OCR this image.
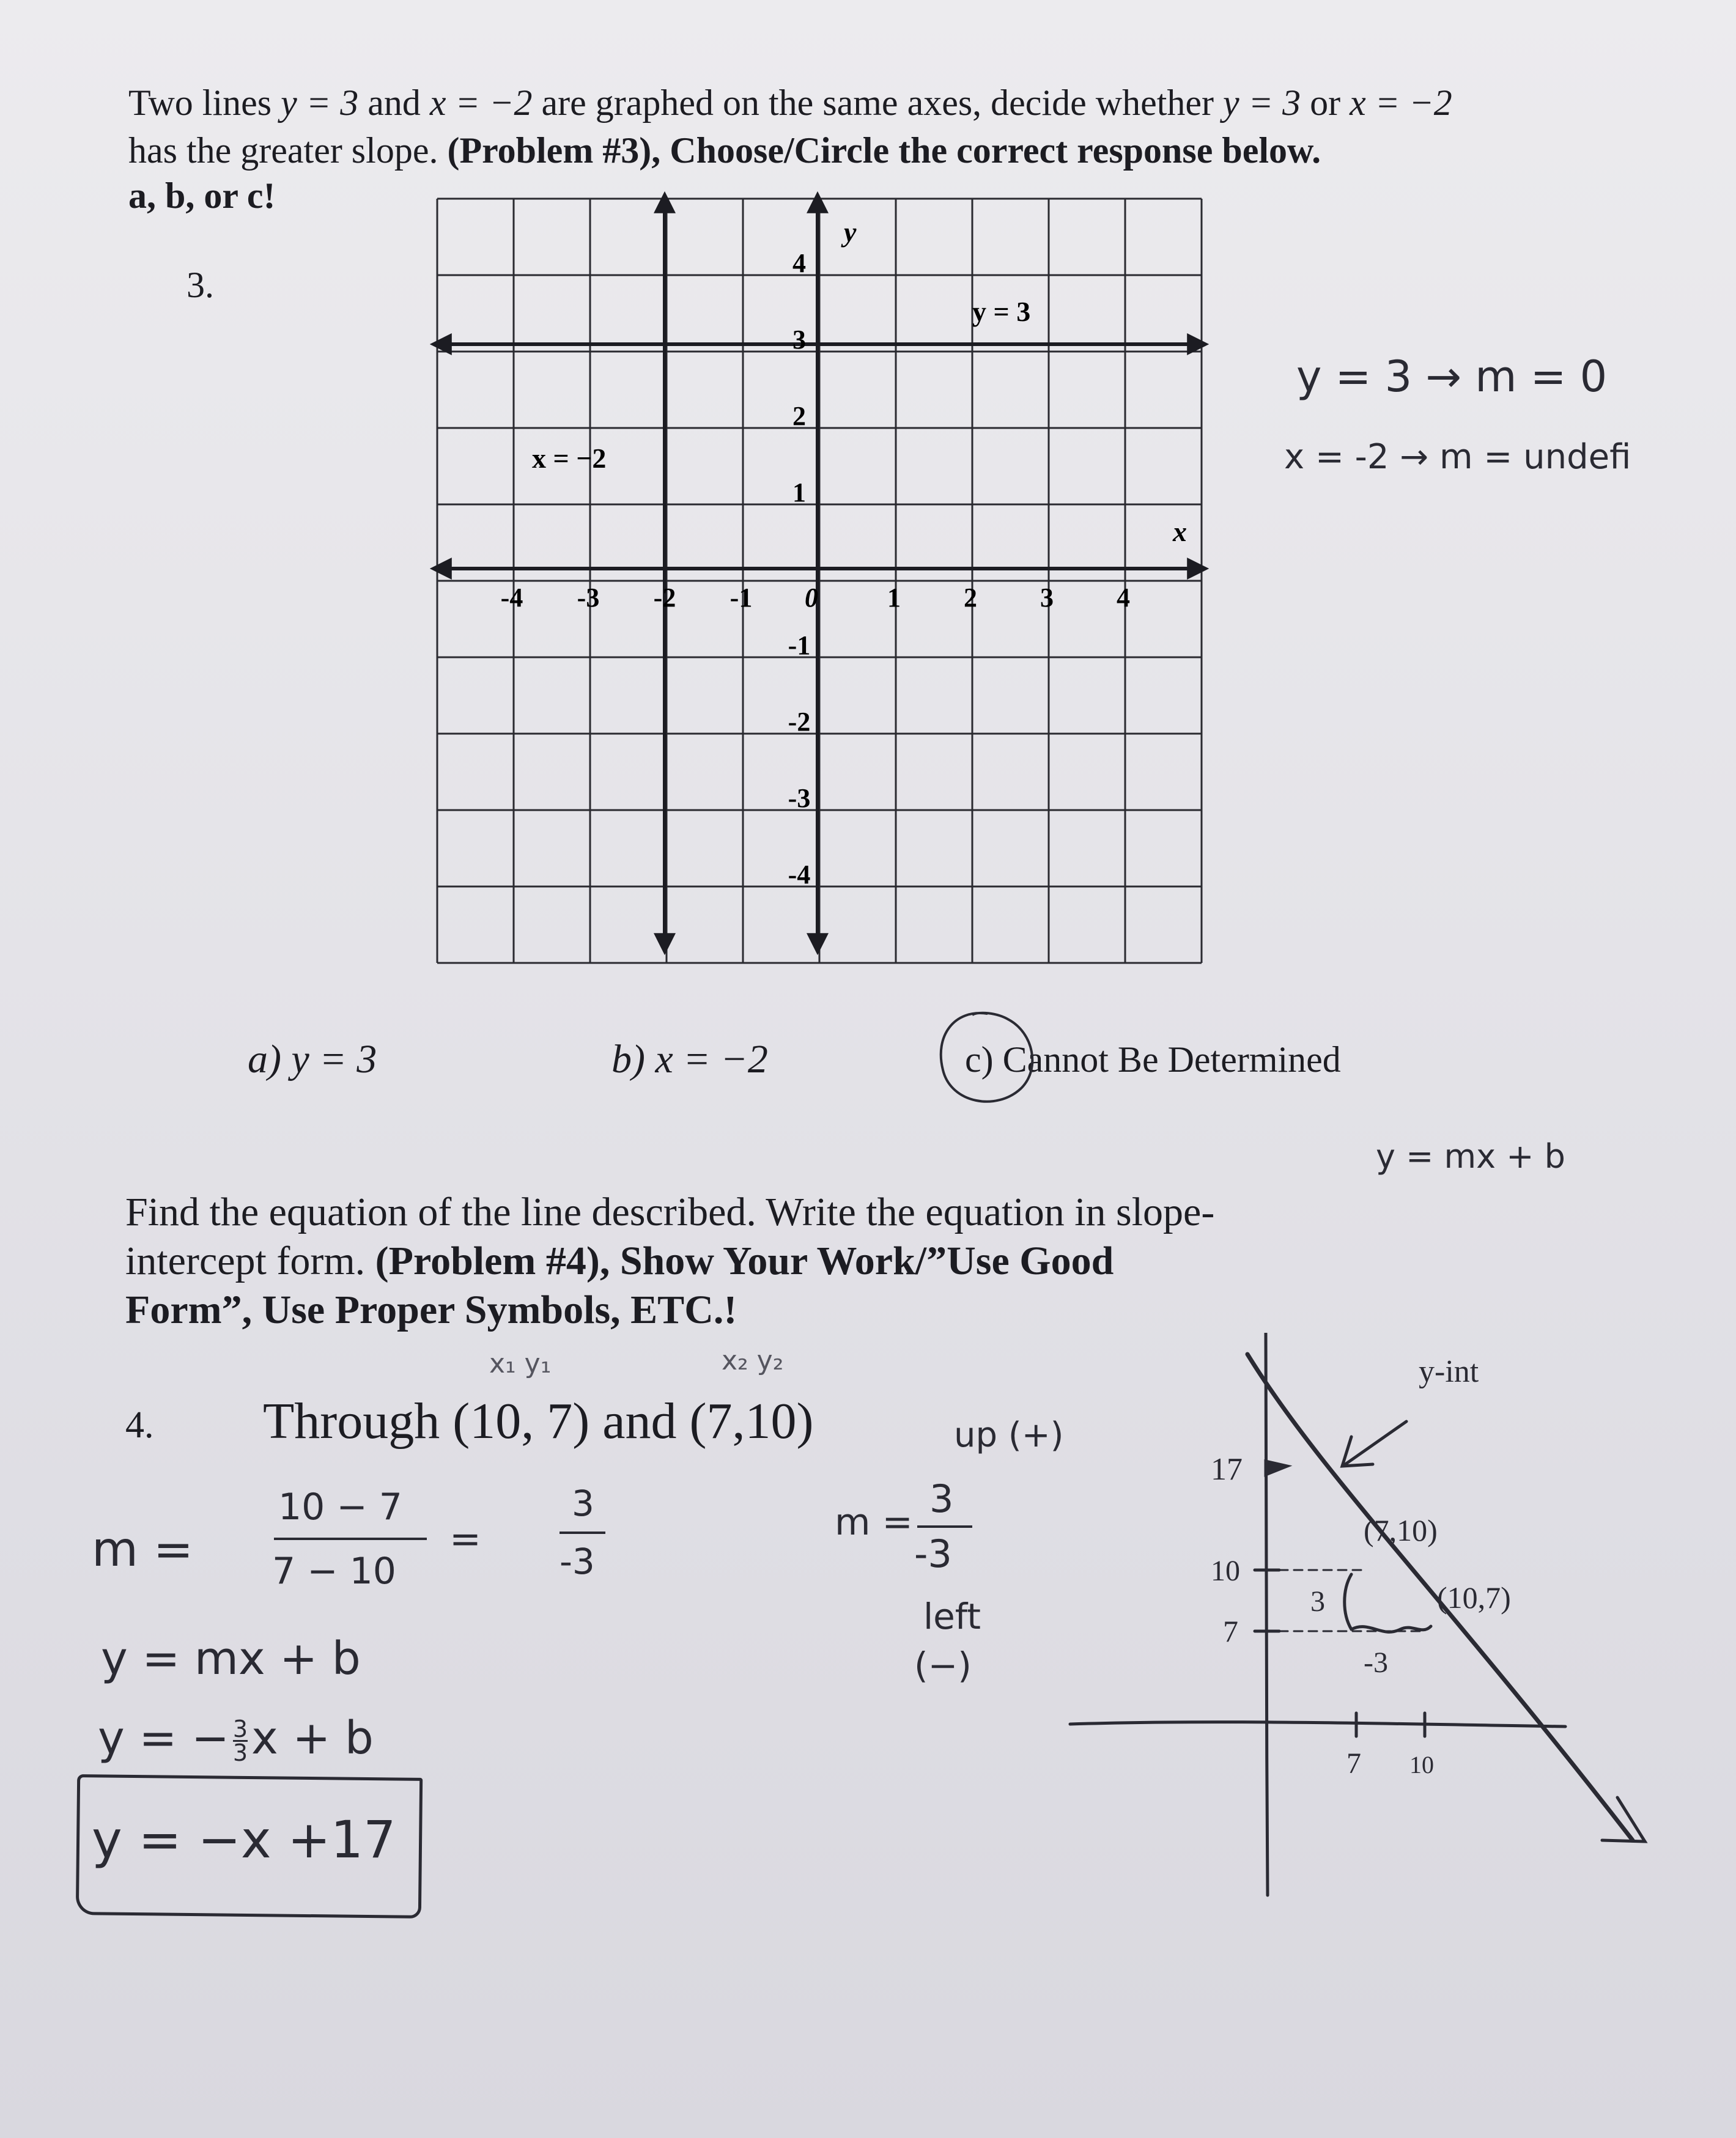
Two lines y = 3 and x = −2 are graphed on the same axes, decide whether y = 3 or x = −2
has the greater slope. (Problem #3), Choose/Circle the correct response below.
a, b, or c!
3.
-4 -3 -2 -1 0	1 2 3 4
4
3
2
1
-1
-2
-3
-4
y
x
y = 3
x = −2
a) y = 3	b) x = −2	c) Cannot Be Determined
y = 3 → m = 0
x = -2 → m = undefi
y = mx + b
Find the equation of the line described. Write the equation in slope-
intercept form. (Problem #4), Show Your Work/”Use Good
Form”, Use Proper Symbols, ETC.!
4.
x₁ y₁	x₂ y₂
Through (10, 7) and (7,10)
m =
10 − 7
7 − 10
=
3
-3
y = mx + b
y = − $\frac{3}{3}$ x + b
y = −x +17
up (+)
m =
3
-3
left
(−)
y-int
17
10
7
(7,10)
(10,7)
3
-3
7 10
